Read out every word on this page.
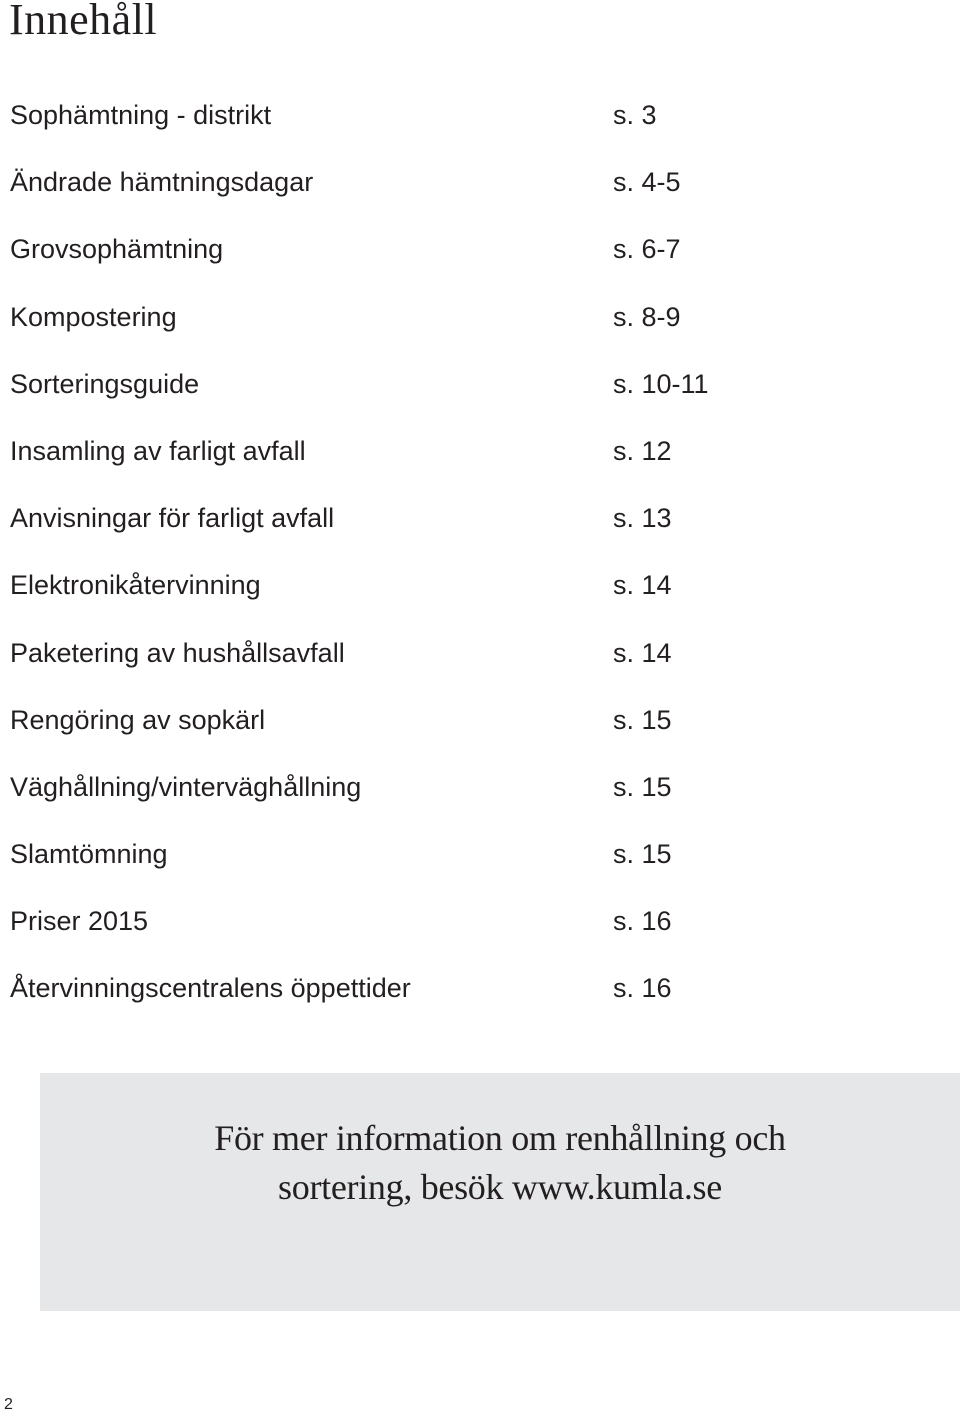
Innehåll
Sophämtning - distrikt	s. 3
Ändrade hämtningsdagar	s. 4-5
Grovsophämtning	s. 6-7
Kompostering	s. 8-9
Sorteringsguide	s. 10-11
Insamling av farligt avfall	s. 12
Anvisningar för farligt avfall	s. 13
Elektronikåtervinning	s. 14
Paketering av hushållsavfall	s. 14
Rengöring av sopkärl	s. 15
Väghållning/vinterväghållning	s. 15
Slamtömning	s. 15
Priser 2015	s. 16
Återvinningscentralens öppettider	s. 16

För mer information om renhållning och sortering, besök www.kumla.se

2
